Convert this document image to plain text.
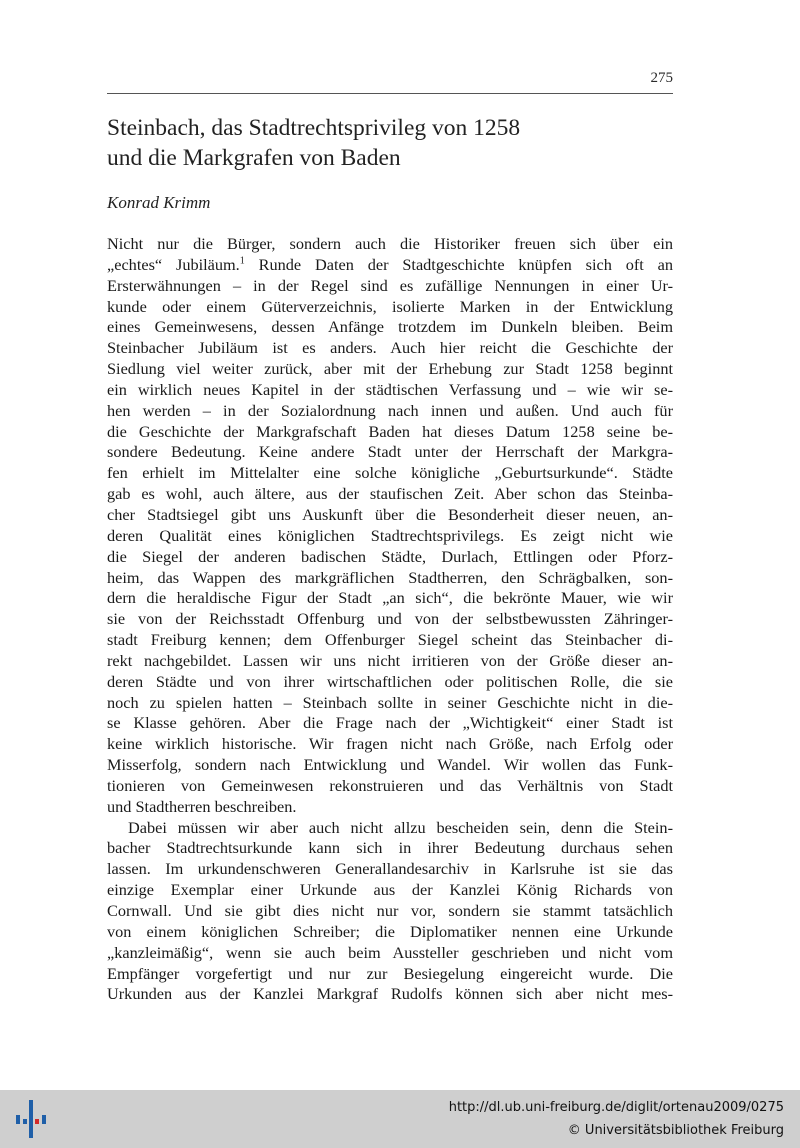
275
Steinbach, das Stadtrechtsprivileg von 1258
und die Markgrafen von Baden
Konrad Krimm
Nicht nur die Bürger, sondern auch die Historiker freuen sich über ein
„echtes“ Jubiläum.$^1$ Runde Daten der Stadtgeschichte knüpfen sich oft an
Ersterwähnungen – in der Regel sind es zufällige Nennungen in einer Ur-
kunde oder einem Güterverzeichnis, isolierte Marken in der Entwicklung
eines Gemeinwesens, dessen Anfänge trotzdem im Dunkeln bleiben. Beim
Steinbacher Jubiläum ist es anders. Auch hier reicht die Geschichte der
Siedlung viel weiter zurück, aber mit der Erhebung zur Stadt 1258 beginnt
ein wirklich neues Kapitel in der städtischen Verfassung und – wie wir se-
hen werden – in der Sozialordnung nach innen und außen. Und auch für
die Geschichte der Markgrafschaft Baden hat dieses Datum 1258 seine be-
sondere Bedeutung. Keine andere Stadt unter der Herrschaft der Markgra-
fen erhielt im Mittelalter eine solche königliche „Geburtsurkunde“. Städte
gab es wohl, auch ältere, aus der staufischen Zeit. Aber schon das Steinba-
cher Stadtsiegel gibt uns Auskunft über die Besonderheit dieser neuen, an-
deren Qualität eines königlichen Stadtrechtsprivilegs. Es zeigt nicht wie
die Siegel der anderen badischen Städte, Durlach, Ettlingen oder Pforz-
heim, das Wappen des markgräflichen Stadtherren, den Schrägbalken, son-
dern die heraldische Figur der Stadt „an sich“, die bekrönte Mauer, wie wir
sie von der Reichsstadt Offenburg und von der selbstbewussten Zähringer-
stadt Freiburg kennen; dem Offenburger Siegel scheint das Steinbacher di-
rekt nachgebildet. Lassen wir uns nicht irritieren von der Größe dieser an-
deren Städte und von ihrer wirtschaftlichen oder politischen Rolle, die sie
noch zu spielen hatten – Steinbach sollte in seiner Geschichte nicht in die-
se Klasse gehören. Aber die Frage nach der „Wichtigkeit“ einer Stadt ist
keine wirklich historische. Wir fragen nicht nach Größe, nach Erfolg oder
Misserfolg, sondern nach Entwicklung und Wandel. Wir wollen das Funk-
tionieren von Gemeinwesen rekonstruieren und das Verhältnis von Stadt
und Stadtherren beschreiben.
Dabei müssen wir aber auch nicht allzu bescheiden sein, denn die Stein-
bacher Stadtrechtsurkunde kann sich in ihrer Bedeutung durchaus sehen
lassen. Im urkundenschweren Generallandesarchiv in Karlsruhe ist sie das
einzige Exemplar einer Urkunde aus der Kanzlei König Richards von
Cornwall. Und sie gibt dies nicht nur vor, sondern sie stammt tatsächlich
von einem königlichen Schreiber; die Diplomatiker nennen eine Urkunde
„kanzleimäßig“, wenn sie auch beim Aussteller geschrieben und nicht vom
Empfänger vorgefertigt und nur zur Besiegelung eingereicht wurde. Die
Urkunden aus der Kanzlei Markgraf Rudolfs können sich aber nicht mes-
http://dl.ub.uni-freiburg.de/diglit/ortenau2009/0275
© Universitätsbibliothek Freiburg
